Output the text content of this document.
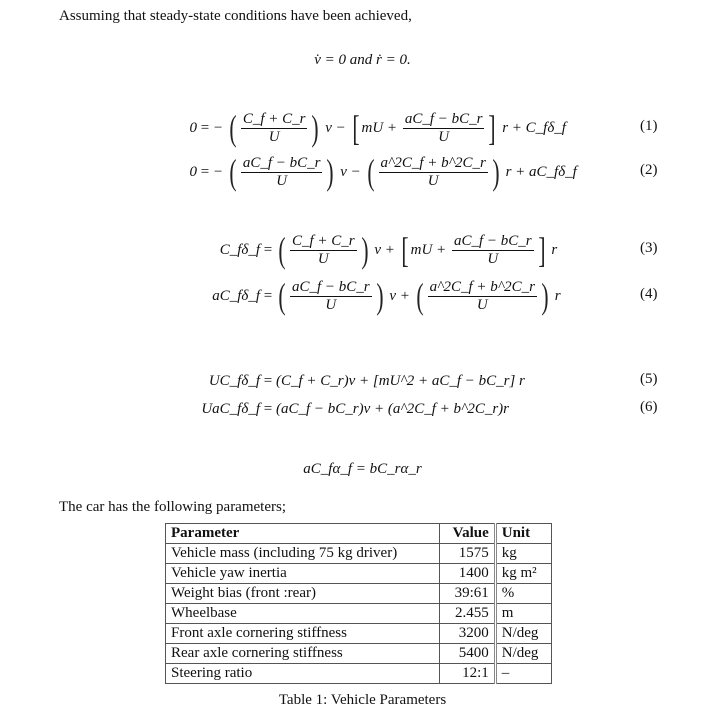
Assuming that steady-state conditions have been achieved,
v̇ = 0 and ṙ = 0.
0 = − ( $\frac{C\_f + C\_r}{U}$ ) v − [ mU + $\frac{aC\_f - bC\_r}{U}$ ] r + C_fδ_f	(1)
0 = − ( $\frac{aC\_f - bC\_r}{U}$ ) v − ( $\frac{a\^{}2C\_f + b\^{}2C\_r}{U}$ ) r + aC_fδ_f	(2)
C_fδ_f = ( $\frac{C\_f + C\_r}{U}$ ) v + [ mU + $\frac{aC\_f - bC\_r}{U}$ ] r	(3)
aC_fδ_f = ( $\frac{aC\_f - bC\_r}{U}$ ) v + ( $\frac{a\^{}2C\_f + b\^{}2C\_r}{U}$ ) r	(4)
UC_fδ_f = (C_f + C_r)v + [mU^2 + aC_f − bC_r] r	(5)
UaC_fδ_f = (aC_f − bC_r)v + (a^2C_f + b^2C_r)r	(6)
aC_fα_f = bC_rα_r
The car has the following parameters;
Parameter	Value	Unit
Vehicle mass (including 75 kg driver)	1575	kg
Vehicle yaw inertia	1400	kg m²
Weight bias (front :rear)	39:61	%
Wheelbase	2.455	m
Front axle cornering stiffness	3200	N/deg
Rear axle cornering stiffness	5400	N/deg
Steering ratio	12:1	–
Table 1: Vehicle Parameters
